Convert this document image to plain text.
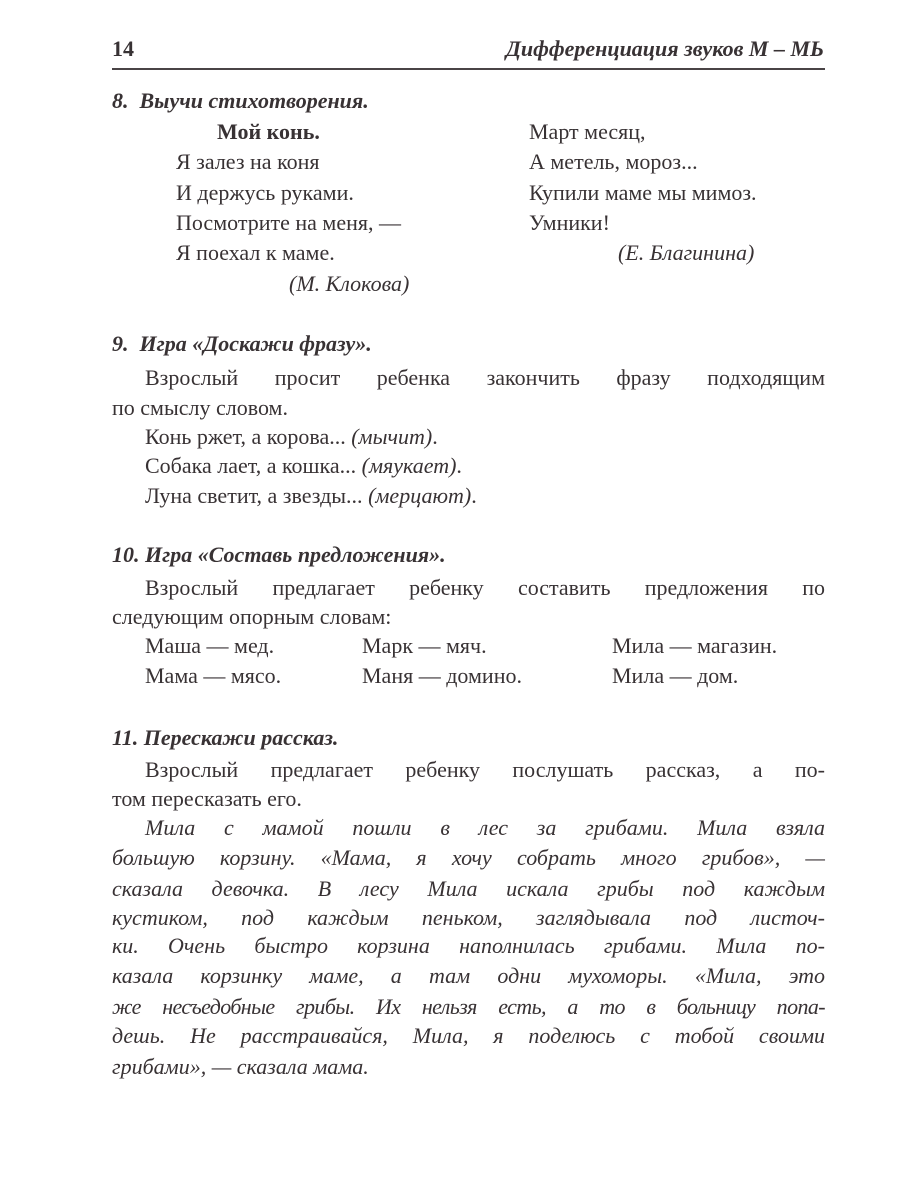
14	Дифференциация звуков М – МЬ
8. Выучи стихотворения.
Мой конь.
Я залез на коня
И держусь руками.
Посмотрите на меня, —
Я поехал к маме.
(М. Клокова)
Март месяц,
А метель, мороз...
Купили маме мы мимоз.
Умники!
(Е. Благинина)
9. Игра «Доскажи фразу».
Взрослый просит ребенка закончить фразу подходящим
по смыслу словом.
Конь ржет, а корова... (мычит).
Собака лает, а кошка... (мяукает).
Луна светит, а звезды... (мерцают).
10. Игра «Составь предложения».
Взрослый предлагает ребенку составить предложения по
следующим опорным словам:
Маша — мед.	Марк — мяч.	Мила — магазин.
Мама — мясо.	Маня — домино.	Мила — дом.
11. Перескажи рассказ.
Взрослый предлагает ребенку послушать рассказ, а по-
том пересказать его.
Мила с мамой пошли в лес за грибами. Мила взяла
большую корзину. «Мама, я хочу собрать много грибов», —
сказала девочка. В лесу Мила искала грибы под каждым
кустиком, под каждым пеньком, заглядывала под листоч-
ки. Очень быстро корзина наполнилась грибами. Мила по-
казала корзинку маме, а там одни мухоморы. «Мила, это
же несъедобные грибы. Их нельзя есть, а то в больницу попа-
дешь. Не расстраивайся, Мила, я поделюсь с тобой своими
грибами», — сказала мама.
